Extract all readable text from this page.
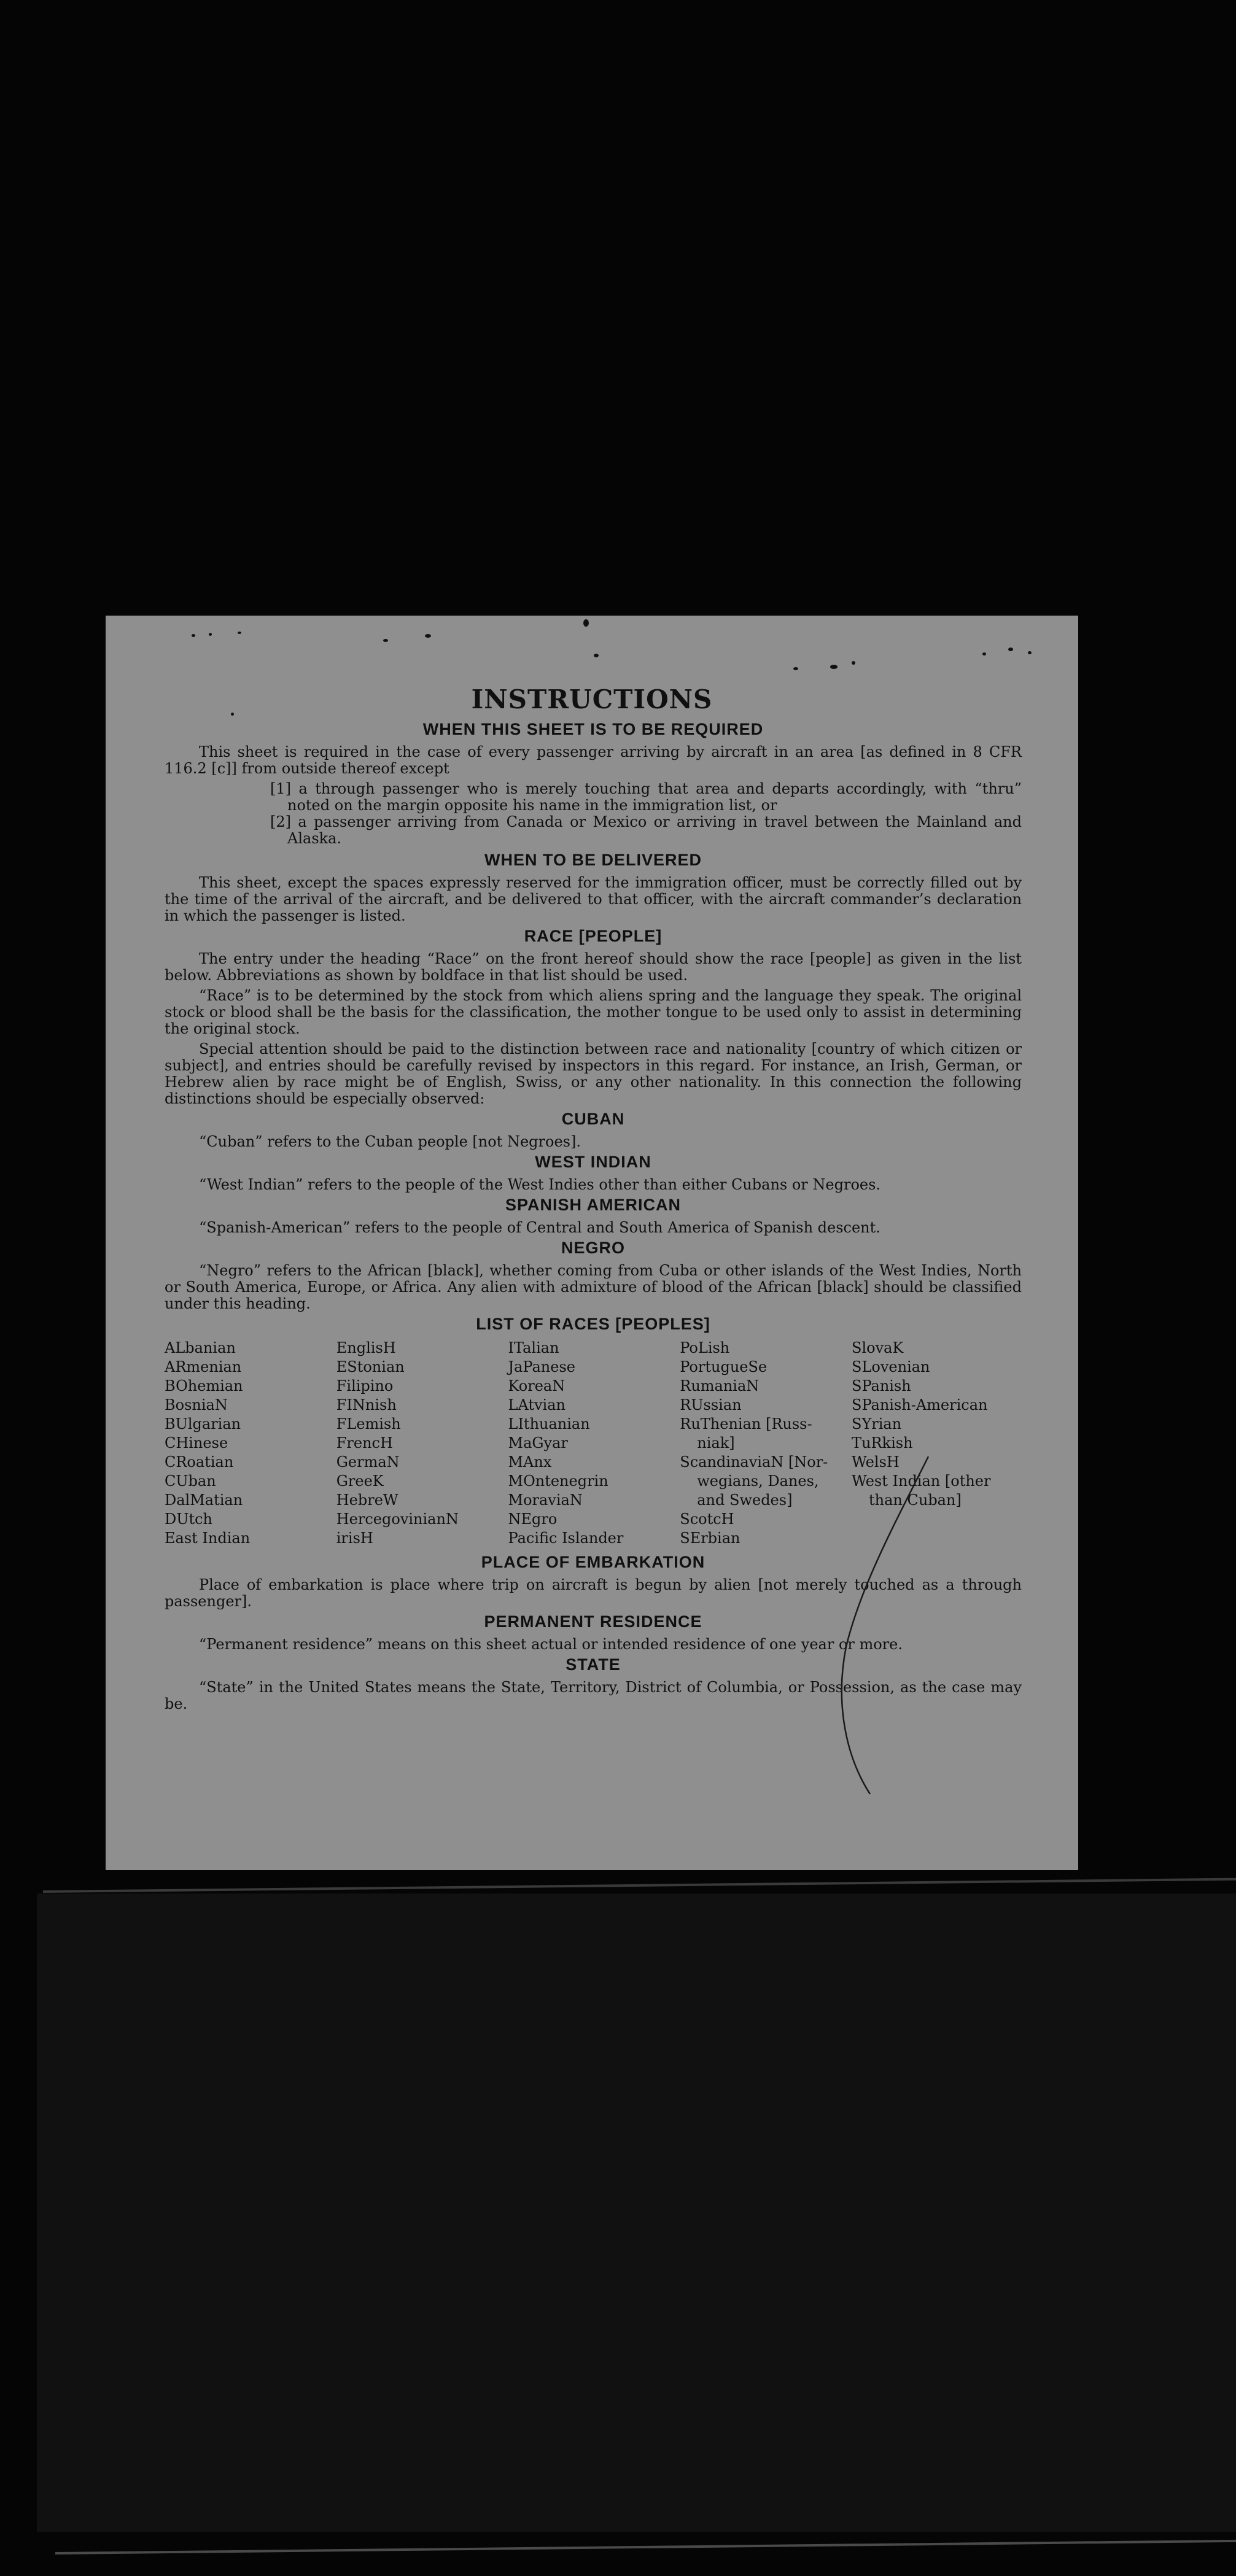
INSTRUCTIONS
WHEN THIS SHEET IS TO BE REQUIRED

This sheet is required in the case of every passenger arriving by aircraft in an area [as defined in 8 CFR 116.2 [c]] from outside thereof except

[1] a through passenger who is merely touching that area and departs accordingly, with “thru” noted on the margin opposite his name in the immigration list, or
[2] a passenger arriving from Canada or Mexico or arriving in travel between the Mainland and Alaska.
WHEN TO BE DELIVERED

This sheet, except the spaces expressly reserved for the immigration officer, must be correctly filled out by the time of the arrival of the aircraft, and be delivered to that officer, with the aircraft commander’s declaration in which the passenger is listed.

RACE [PEOPLE]

The entry under the heading “Race” on the front hereof should show the race [people] as given in the list below. Abbreviations as shown by boldface in that list should be used.

“Race” is to be determined by the stock from which aliens spring and the language they speak. The original stock or blood shall be the basis for the classification, the mother tongue to be used only to assist in determining the original stock.

Special attention should be paid to the distinction between race and nationality [country of which citizen or subject], and entries should be carefully revised by inspectors in this regard. For instance, an Irish, German, or Hebrew alien by race might be of English, Swiss, or any other nationality. In this connection the following distinctions should be especially observed:

CUBAN

“Cuban” refers to the Cuban people [not Negroes].

WEST INDIAN

“West Indian” refers to the people of the West Indies other than either Cubans or Negroes.

SPANISH AMERICAN

“Spanish-American” refers to the people of Central and South America of Spanish descent.

NEGRO

“Negro” refers to the African [black], whether coming from Cuba or other islands of the West Indies, North or South America, Europe, or Africa. Any alien with admixture of blood of the African [black] should be classified under this heading.

LIST OF RACES [PEOPLES]
ALbanian
ARmenian
BOhemian
BosniaN
BUlgarian
CHinese
CRoatian
CUban
DalMatian
DUtch
East Indian
EnglisH
EStonian
Filipino
FINnish
FLemish
FrencH
GermaN
GreeK
HebreW
HercegovinianN
irisH
ITalian
JaPanese
KoreaN
LAtvian
LIthuanian
MaGyar
MAnx
MOntenegrin
MoraviaN
NEgro
Pacific Islander
PoLish
PortugueSe
RumaniaN
RUssian
RuThenian [Russ-
niak]
ScandinaviaN [Nor-
wegians, Danes,
and Swedes]
ScotcH
SErbian
SlovaK
SLovenian
SPanish
SPanish-American
SYrian
TuRkish
WelsH
West Indian [other
than Cuban]
PLACE OF EMBARKATION

Place of embarkation is place where trip on aircraft is begun by alien [not merely touched as a through passenger].

PERMANENT RESIDENCE

“Permanent residence” means on this sheet actual or intended residence of one year or more.

STATE

“State” in the United States means the State, Territory, District of Columbia, or Possession, as the case may be.
